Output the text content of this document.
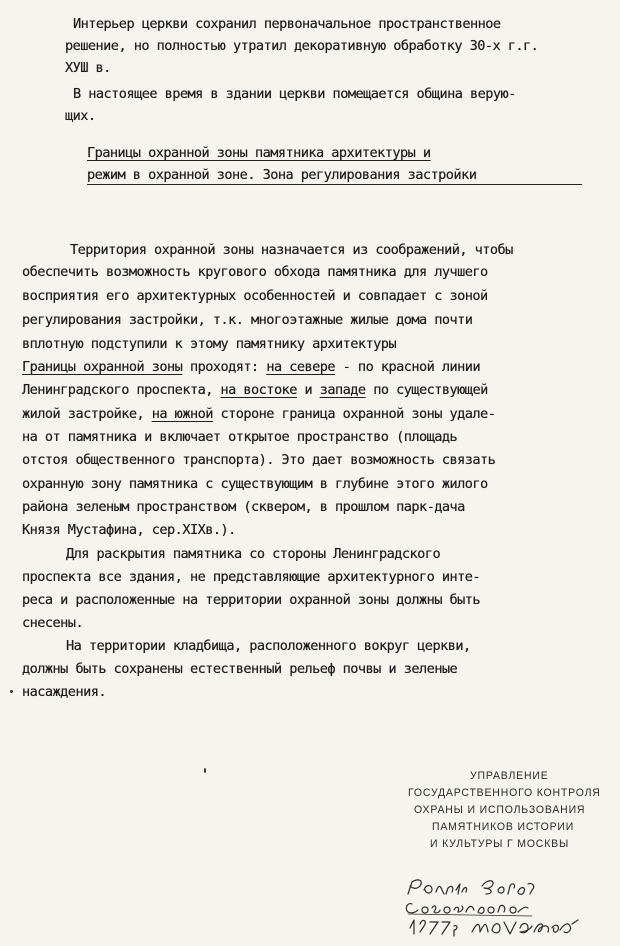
Интерьер церкви сохранил первоначальное пространственное
решение, но полностью утратил декоративную обработку 30-х г.г.
ХУШ в.
В настоящее время в здании церкви помещается община верую-
щих.
Границы охранной зоны памятника архитектуры и
режим в охранной зоне. Зона регулирования застройки
Территория охранной зоны назначается из соображений, чтобы
обеспечить возможность кругового обхода памятника для лучшего
восприятия его архитектурных особенностей и совпадает с зоной
регулирования застройки, т.к. многоэтажные жилые дома почти
вплотную подступили к этому памятнику архитектуры
Границы охранной зоны проходят: на севере - по красной линии
Ленинградского проспекта, на востоке и западе по существующей
жилой застройке, на южной стороне граница охранной зоны удале-
на от памятника и включает открытое пространство (площадь
отстоя общественного транспорта). Это дает возможность связать
охранную зону памятника с существующим в глубине этого жилого
района зеленым пространством (сквером, в прошлом парк-дача
Князя Мустафина, сер.XIXв.).
Для раскрытия памятника со стороны Ленинградского
проспекта все здания, не представляющие архитектурного инте-
реса и расположенные на территории охранной зоны должны быть
снесены.
На территории кладбища, расположенного вокруг церкви,
должны быть сохранены естественный рельеф почвы и зеленые
насаждения.
УПРАВЛЕНИЕ
ГОСУДАРСТВЕННОГО КОНТРОЛЯ
ОХРАНЫ И ИСПОЛЬЗОВАНИЯ
ПАМЯТНИКОВ ИСТОРИИ
И КУЛЬТУРЫ Г МОСКВЫ
Копия верна Согласовано 1977 г.
